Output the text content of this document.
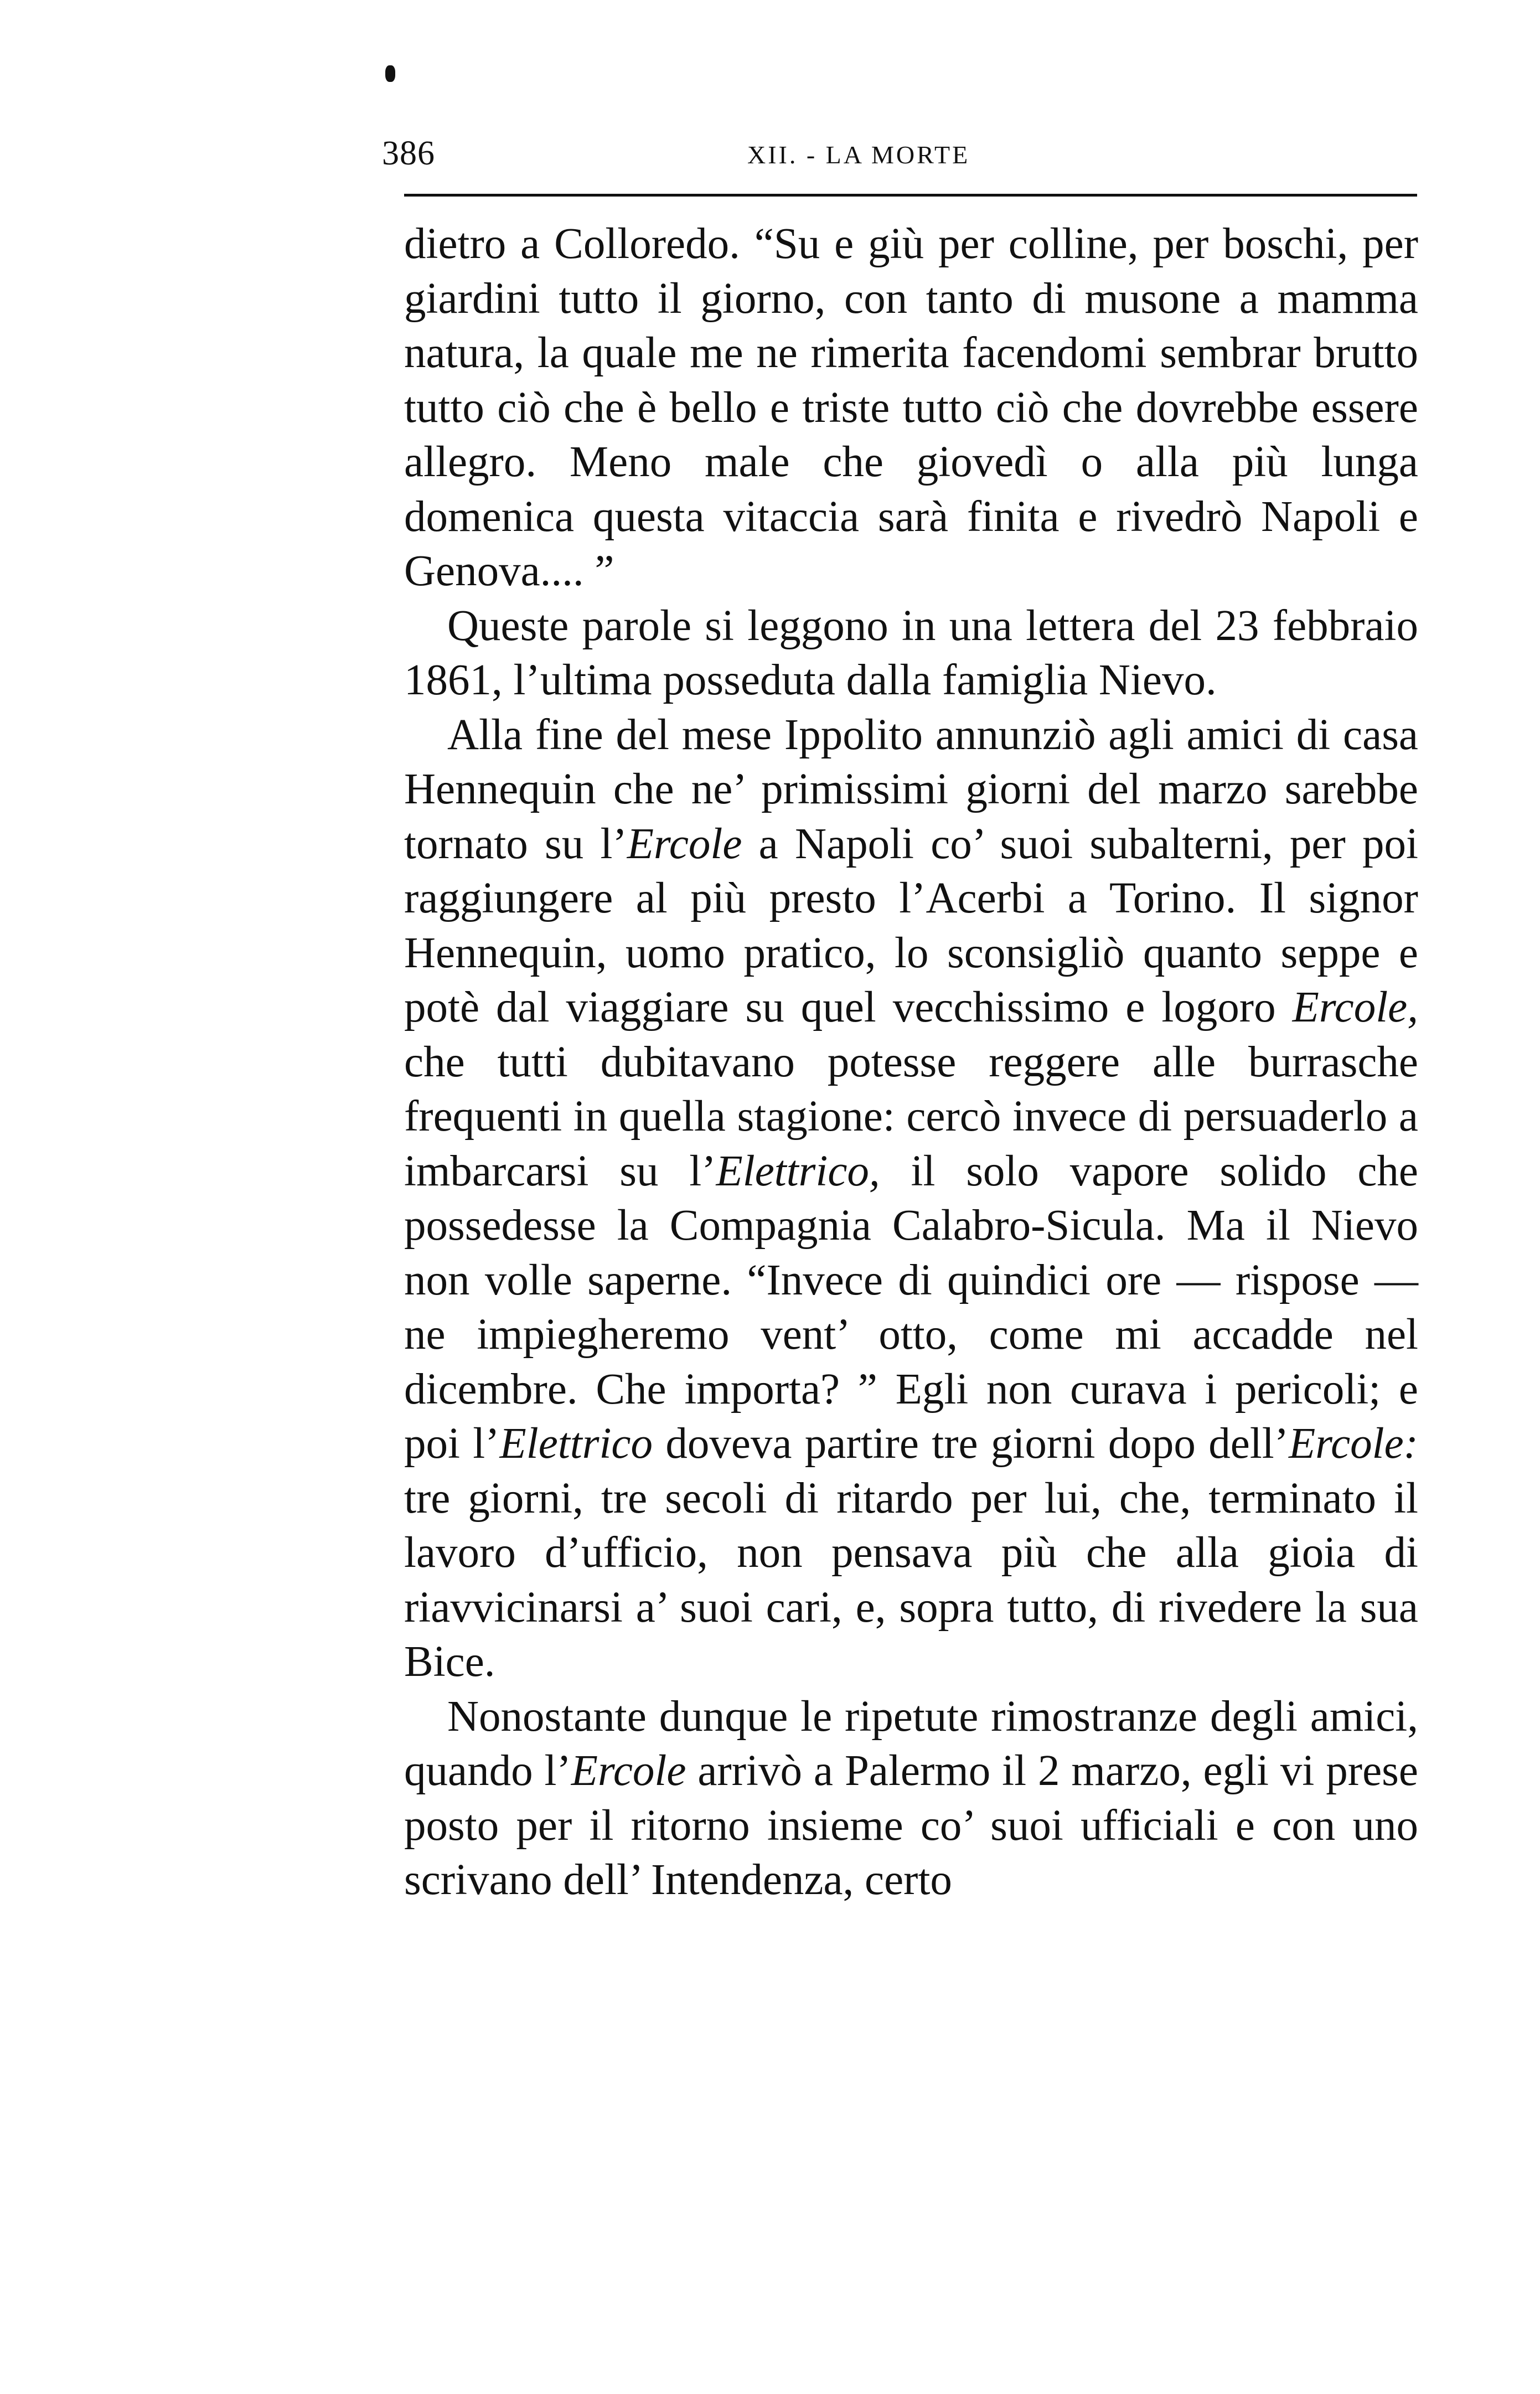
386	XII. - LA MORTE

dietro a Colloredo. “Su e giù per colline, per boschi, per giardini tutto il giorno, con tanto di musone a mamma natura, la quale me ne rimerita facendomi sembrar brutto tutto ciò che è bello e triste tutto ciò che dovrebbe essere allegro. Meno male che giovedì o alla più lunga domenica questa vitaccia sarà finita e rivedrò Napoli e Genova.... ”

Queste parole si leggono in una lettera del 23 febbraio 1861, l’ultima posseduta dalla famiglia Nievo.

Alla fine del mese Ippolito annunziò agli amici di casa Hennequin che ne’ primissimi giorni del marzo sarebbe tornato su l’Ercole a Napoli co’ suoi subalterni, per poi raggiungere al più presto l’Acerbi a Torino. Il signor Hennequin, uomo pratico, lo sconsigliò quanto seppe e potè dal viaggiare su quel vecchissimo e logoro Ercole, che tutti dubitavano potesse reggere alle burrasche frequenti in quella stagione: cercò invece di persuaderlo a imbarcarsi su l’Elettrico, il solo vapore solido che possedesse la Compagnia Calabro-Sicula. Ma il Nievo non volle saperne. “Invece di quindici ore — rispose — ne impiegheremo vent’ otto, come mi accadde nel dicembre. Che importa? ” Egli non curava i pericoli; e poi l’Elettrico doveva partire tre giorni dopo dell’Ercole: tre giorni, tre secoli di ritardo per lui, che, terminato il lavoro d’ufficio, non pensava più che alla gioia di riavvicinarsi a’ suoi cari, e, sopra tutto, di rivedere la sua Bice.

Nonostante dunque le ripetute rimostranze degli amici, quando l’Ercole arrivò a Palermo il 2 marzo, egli vi prese posto per il ritorno insieme co’ suoi ufficiali e con uno scrivano dell’ Intendenza, certo
